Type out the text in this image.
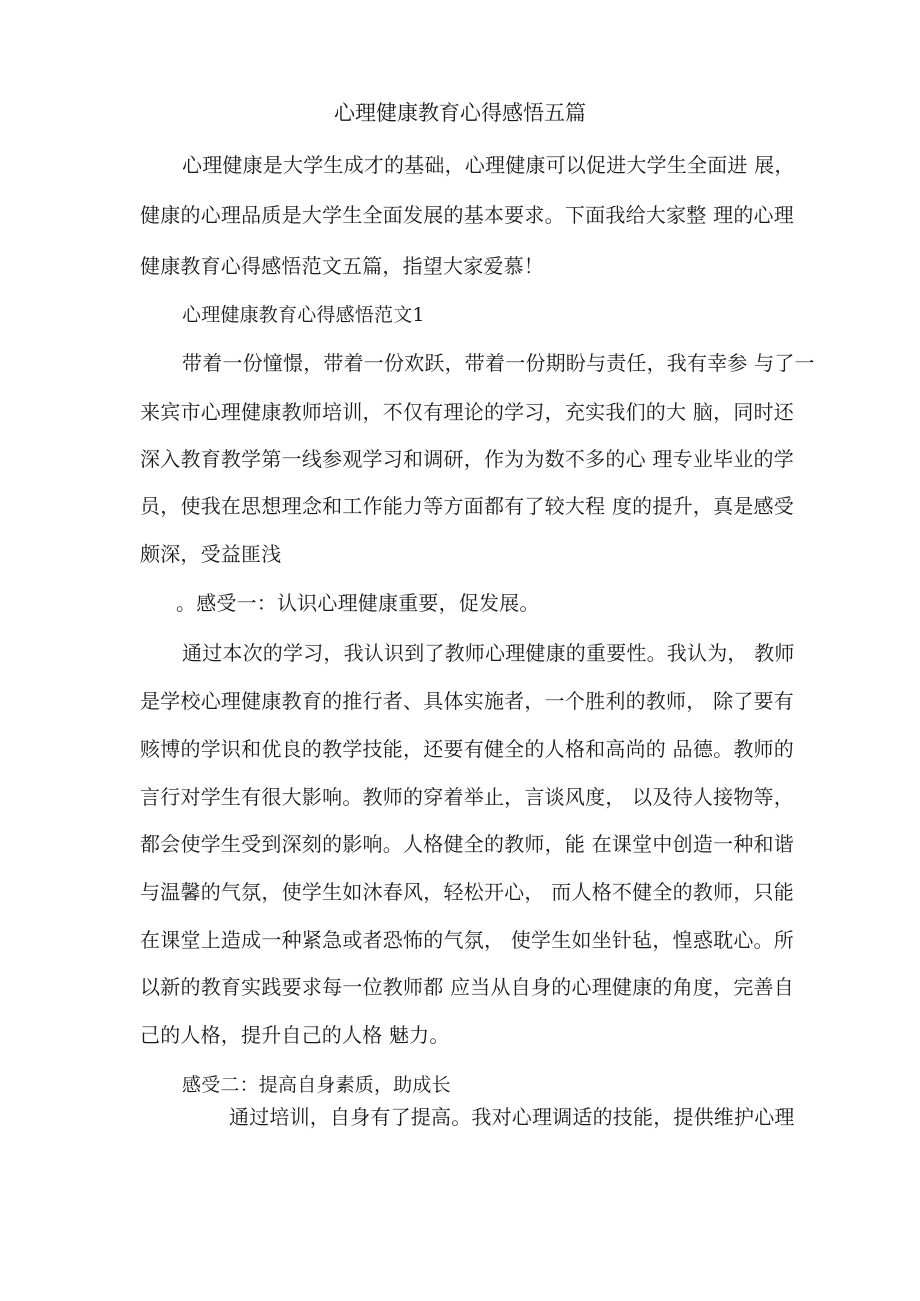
心理健康教育心得感悟五篇
心理健康是大学生成才的基础，心理健康可以促进大学生全面进 展，
健康的心理品质是大学生全面发展的基本要求。下面我给大家整 理的心理
健康教育心得感悟范文五篇，指望大家爱慕！
心理健康教育心得感悟范文1
带着一份憧憬，带着一份欢跃，带着一份期盼与责任，我有幸参 与了一
来宾市心理健康教师培训，不仅有理论的学习，充实我们的大 脑，同时还
深入教育教学第一线参观学习和调研，作为为数不多的心 理专业毕业的学
员，使我在思想理念和工作能力等方面都有了较大程 度的提升，真是感受
颇深，受益匪浅
。感受一：认识心理健康重要，促发展。
通过本次的学习，我认识到了教师心理健康的重要性。我认为， 教师
是学校心理健康教育的推行者、具体实施者，一个胜利的教师， 除了要有
赅博的学识和优良的教学技能，还要有健全的人格和高尚的 品德。教师的
言行对学生有很大影响。教师的穿着举止，言谈风度， 以及待人接物等，
都会使学生受到深刻的影响。人格健全的教师，能 在课堂中创造一种和谐
与温馨的气氛，使学生如沐春风，轻松开心， 而人格不健全的教师，只能
在课堂上造成一种紧急或者恐怖的气氛， 使学生如坐针毡，惶惑耽心。所
以新的教育实践要求每一位教师都 应当从自身的心理健康的角度，完善自
己的人格，提升自己的人格 魅力。
感受二：提高自身素质，助成长
通过培训，自身有了提高。我对心理调适的技能，提供维护心理
